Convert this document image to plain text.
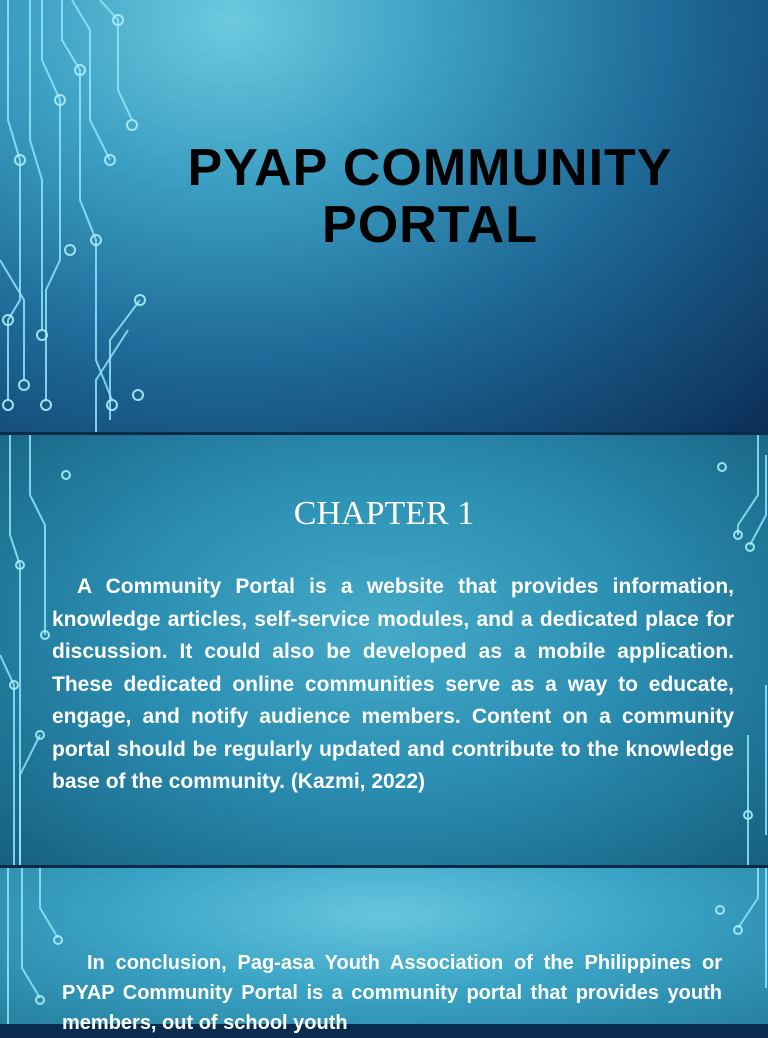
PYAP COMMUNITY
PORTAL
CHAPTER 1

A Community Portal is a website that provides information, knowledge articles, self-service modules, and a dedicated place for discussion. It could also be developed as a mobile application. These dedicated online communities serve as a way to educate, engage, and notify audience members. Content on a community portal should be regularly updated and contribute to the knowledge base of the community. (Kazmi, 2022)

In conclusion, Pag-asa Youth Association of the Philippines or PYAP Community Portal is a community portal that provides youth members, out of school youth
